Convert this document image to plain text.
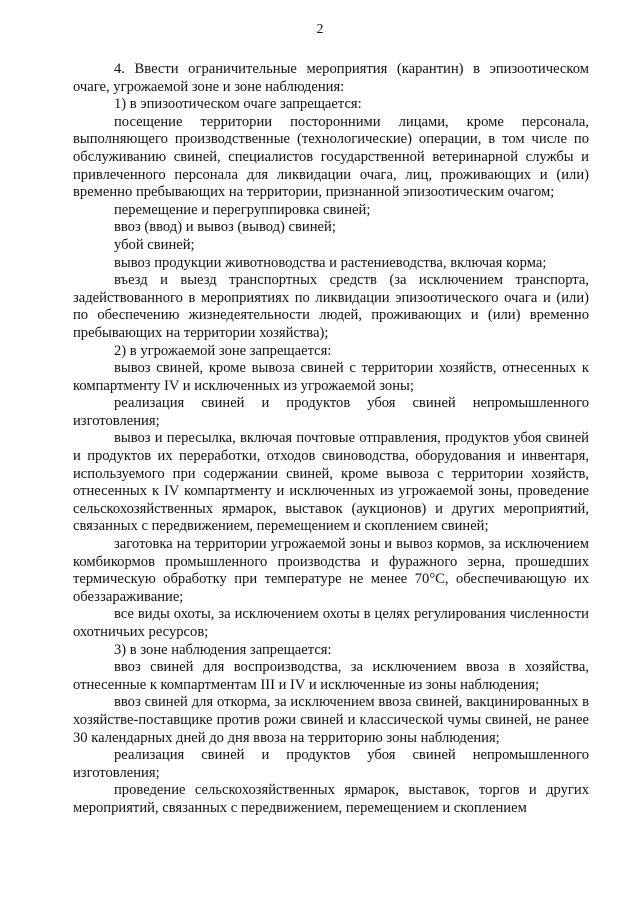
2

4. Ввести ограничительные мероприятия (карантин) в эпизоотическом очаге, угрожаемой зоне и зоне наблюдения:

1) в эпизоотическом очаге запрещается:

посещение территории посторонними лицами, кроме персонала, выполняющего производственные (технологические) операции, в том числе по обслуживанию свиней, специалистов государственной ветеринарной службы и привлеченного персонала для ликвидации очага, лиц, проживающих и (или) временно пребывающих на территории, признанной эпизоотическим очагом;

перемещение и перегруппировка свиней;

ввоз (ввод) и вывоз (вывод) свиней;

убой свиней;

вывоз продукции животноводства и растениеводства, включая корма;

въезд и выезд транспортных средств (за исключением транспорта, задействованного в мероприятиях по ликвидации эпизоотического очага и (или) по обеспечению жизнедеятельности людей, проживающих и (или) временно пребывающих на территории хозяйства);

2) в угрожаемой зоне запрещается:

вывоз свиней, кроме вывоза свиней с территории хозяйств, отнесенных к компартменту IV и исключенных из угрожаемой зоны;

реализация свиней и продуктов убоя свиней непромышленного изготовления;

вывоз и пересылка, включая почтовые отправления, продуктов убоя свиней и продуктов их переработки, отходов свиноводства, оборудования и инвентаря, используемого при содержании свиней, кроме вывоза с территории хозяйств, отнесенных к IV компартменту и исключенных из угрожаемой зоны, проведение сельскохозяйственных ярмарок, выставок (аукционов) и других мероприятий, связанных с передвижением, перемещением и скоплением свиней;

заготовка на территории угрожаемой зоны и вывоз кормов, за исключением комбикормов промышленного производства и фуражного зерна, прошедших термическую обработку при температуре не менее 70°С, обеспечивающую их обеззараживание;

все виды охоты, за исключением охоты в целях регулирования численности охотничьих ресурсов;

3) в зоне наблюдения запрещается:

ввоз свиней для воспроизводства, за исключением ввоза в хозяйства, отнесенные к компартментам III и IV и исключенные из зоны наблюдения;

ввоз свиней для откорма, за исключением ввоза свиней, вакцинированных в хозяйстве-поставщике против рожи свиней и классической чумы свиней, не ранее 30 календарных дней до дня ввоза на территорию зоны наблюдения;

реализация свиней и продуктов убоя свиней непромышленного изготовления;

проведение сельскохозяйственных ярмарок, выставок, торгов и других мероприятий, связанных с передвижением, перемещением и скоплением
